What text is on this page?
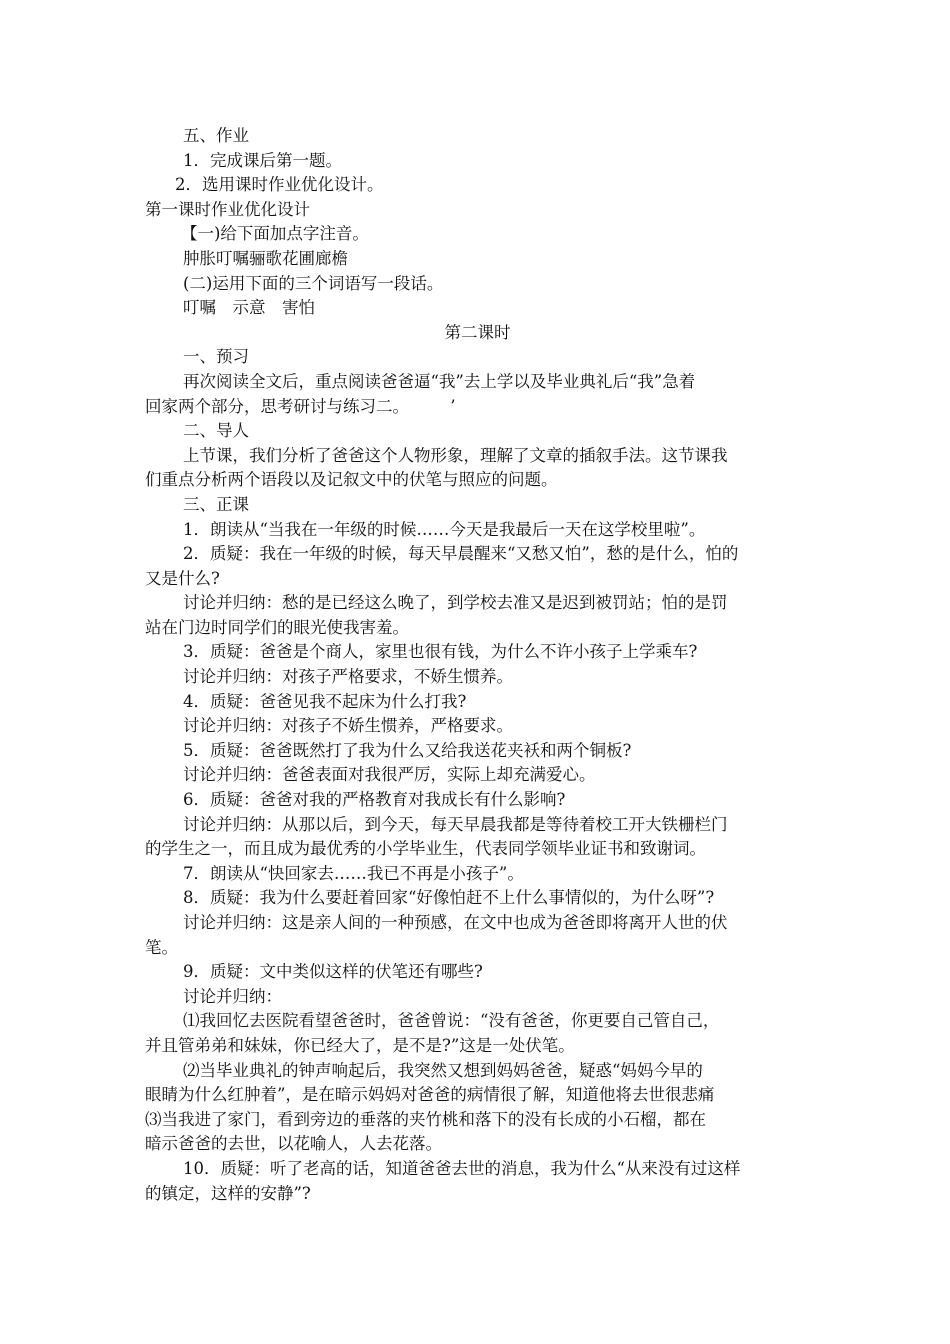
五、作业

1．完成课后第一题。

2．选用课时作业优化设计。

第一课时作业优化设计

【一)给下面加点字注音。

肿胀叮嘱骊歌花圃廊檐

(二)运用下面的三个词语写一段话。

叮嘱　示意　害怕

第二课时

一、预习

再次阅读全文后，重点阅读爸爸逼“我”去上学以及毕业典礼后“我”急着

回家两个部分，思考研讨与练习二。　　　’

二、导人

上节课，我们分析了爸爸这个人物形象，理解了文章的插叙手法。这节课我

们重点分析两个语段以及记叙文中的伏笔与照应的问题。

三、正课

1．朗读从“当我在一年级的时候……今天是我最后一天在这学校里啦”。

2．质疑：我在一年级的时候，每天早晨醒来“又愁又怕”，愁的是什么，怕的

又是什么?

讨论并归纳：愁的是已经这么晚了，到学校去准又是迟到被罚站；怕的是罚

站在门边时同学们的眼光使我害羞。

3．质疑：爸爸是个商人，家里也很有钱，为什么不许小孩子上学乘车?

讨论并归纳：对孩子严格要求，不娇生惯养。

4．质疑：爸爸见我不起床为什么打我?

讨论并归纳：对孩子不娇生惯养，严格要求。

5．质疑：爸爸既然打了我为什么又给我送花夹袄和两个铜板?

讨论并归纳：爸爸表面对我很严厉，实际上却充满爱心。

6．质疑：爸爸对我的严格教育对我成长有什么影响?

讨论并归纳：从那以后，到今天，每天早晨我都是等待着校工开大铁栅栏门

的学生之一，而且成为最优秀的小学毕业生，代表同学领毕业证书和致谢词。

7．朗读从“快回家去……我已不再是小孩子”。

8．质疑：我为什么要赶着回家“好像怕赶不上什么事情似的，为什么呀”?

讨论并归纳：这是亲人间的一种预感，在文中也成为爸爸即将离开人世的伏

笔。

9．质疑：文中类似这样的伏笔还有哪些?

讨论并归纳：

⑴我回忆去医院看望爸爸时，爸爸曾说：“没有爸爸，你更要自己管自己，

并且管弟弟和妹妹，你已经大了，是不是?”这是一处伏笔。

⑵当毕业典礼的钟声响起后，我突然又想到妈妈爸爸，疑惑“妈妈今早的

眼睛为什么红肿着”，是在暗示妈妈对爸爸的病情很了解，知道他将去世很悲痛

⑶当我进了家门，看到旁边的垂落的夹竹桃和落下的没有长成的小石榴，都在

暗示爸爸的去世，以花喻人，人去花落。

10．质疑：听了老高的话，知道爸爸去世的消息，我为什么“从来没有过这样

的镇定，这样的安静”?
